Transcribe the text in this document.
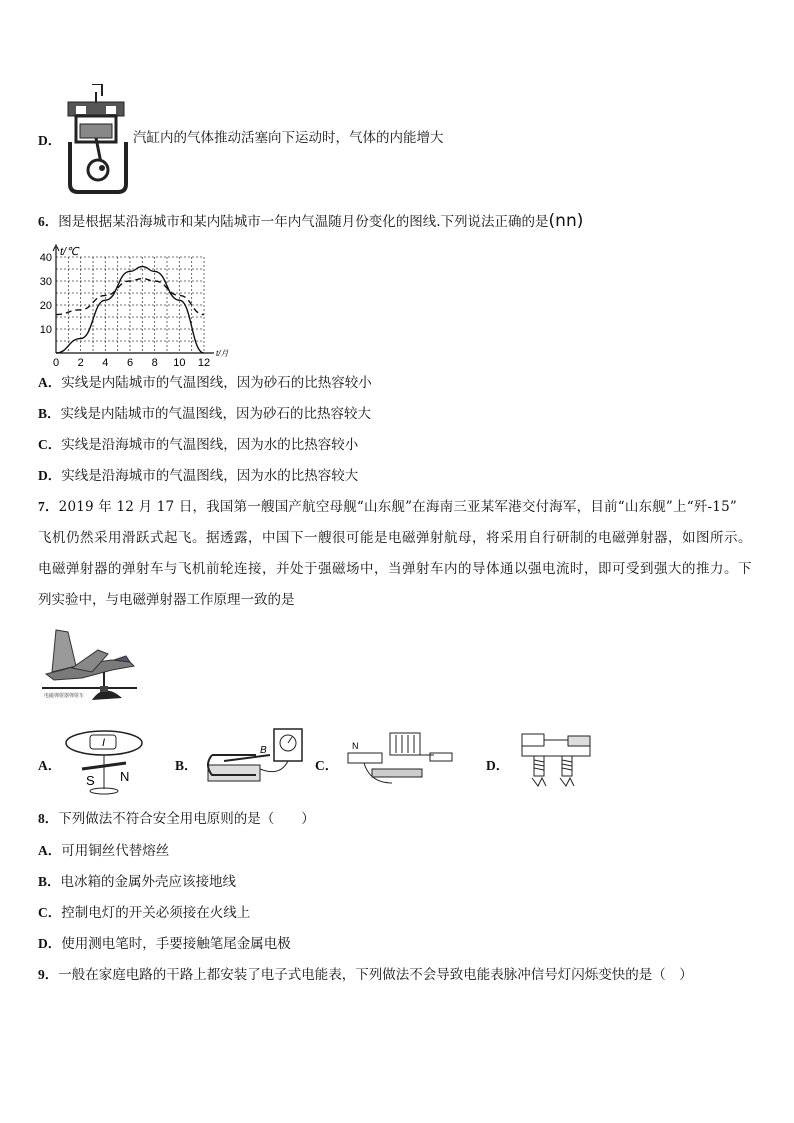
D．	汽缸内的气体推动活塞向下运动时，气体的内能增大
6．图是根据某沿海城市和某内陆城市一年内气温随月份变化的图线.下列说法正确的是(nn)
0 2 4 6 8 10 12
10
20
30
40 t/℃
t/月
A．实线是内陆城市的气温图线，因为砂石的比热容较小
B．实线是内陆城市的气温图线，因为砂石的比热容较大
C．实线是沿海城市的气温图线，因为水的比热容较小
D．实线是沿海城市的气温图线，因为水的比热容较大
7．2019 年 12 月 17 日，我国第一艘国产航空母舰“山东舰”在海南三亚某军港交付海军，目前“山东舰”上“歼-15”
飞机仍然采用滑跃式起飞。据透露，中国下一艘很可能是电磁弹射航母，将采用自行研制的电磁弹射器，如图所示。
电磁弹射器的弹射车与飞机前轮连接，并处于强磁场中，当弹射车内的导体通以强电流时，即可受到强大的推力。下
列实验中，与电磁弹射器工作原理一致的是
电磁弹射器弹射车
A．
I
S N
B．
B
C．
N
D．
8．下列做法不符合安全用电原则的是（　　）
A．可用铜丝代替熔丝
B．电冰箱的金属外壳应该接地线
C．控制电灯的开关必须接在火线上
D．使用测电笔时，手要接触笔尾金属电极
9．一般在家庭电路的干路上都安装了电子式电能表，下列做法不会导致电能表脉冲信号灯闪烁变快的是（　）
